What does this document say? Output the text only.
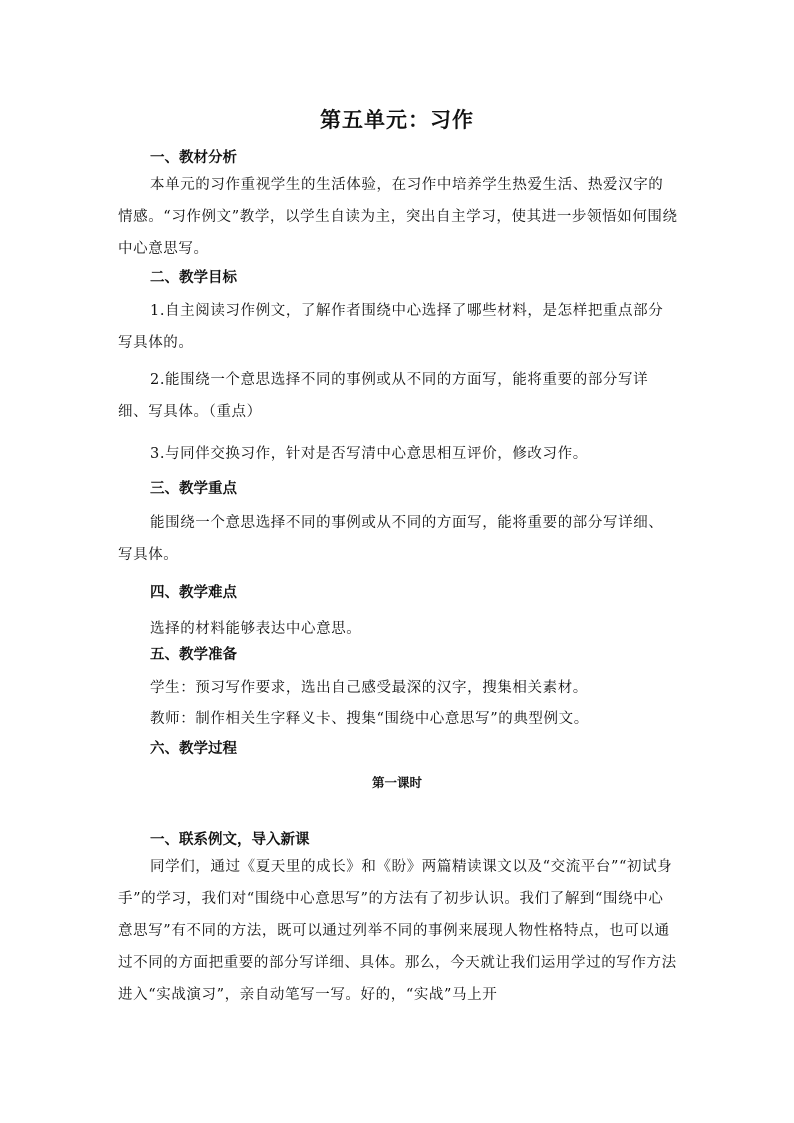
第五单元：习作
一、教材分析
本单元的习作重视学生的生活体验，在习作中培养学生热爱生活、热爱汉字的情感。“习作例文”教学，以学生自读为主，突出自主学习，使其进一步领悟如何围绕中心意思写。
二、教学目标
1.自主阅读习作例文，了解作者围绕中心选择了哪些材料，是怎样把重点部分写具体的。
2.能围绕一个意思选择不同的事例或从不同的方面写，能将重要的部分写详细、写具体。（重点）
3.与同伴交换习作，针对是否写清中心意思相互评价，修改习作。
三、教学重点
能围绕一个意思选择不同的事例或从不同的方面写，能将重要的部分写详细、写具体。
四、教学难点
选择的材料能够表达中心意思。
五、教学准备
学生：预习写作要求，选出自己感受最深的汉字，搜集相关素材。
教师：制作相关生字释义卡、搜集“围绕中心意思写”的典型例文。
六、教学过程
第一课时
一、联系例文，导入新课
同学们，通过《夏天里的成长》和《盼》两篇精读课文以及“交流平台”“初试身手”的学习，我们对“围绕中心意思写”的方法有了初步认识。我们了解到“围绕中心意思写”有不同的方法，既可以通过列举不同的事例来展现人物性格特点，也可以通过不同的方面把重要的部分写详细、具体。那么，今天就让我们运用学过的写作方法进入“实战演习”，亲自动笔写一写。好的，“实战”马上开
